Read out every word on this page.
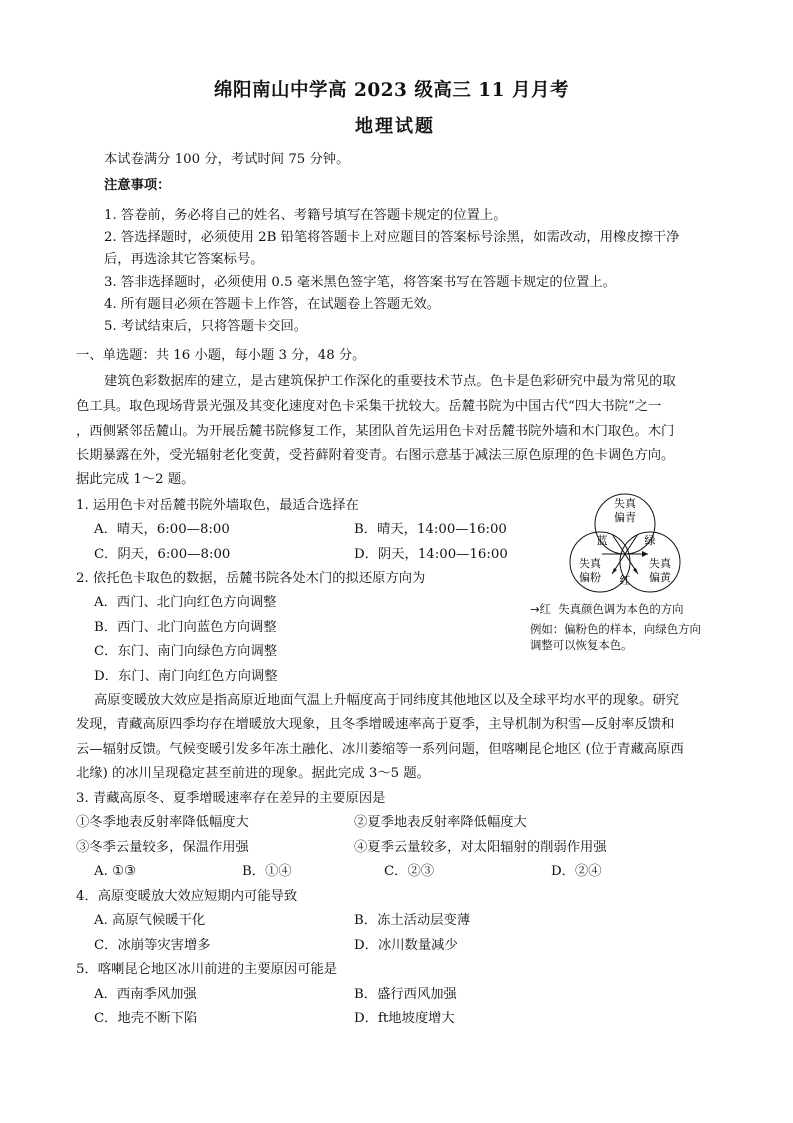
绵阳南山中学高 2023 级高三 11 月月考
地理试题
本试卷满分 100 分，考试时间 75 分钟。
注意事项：
1. 答卷前，务必将自己的姓名、考籍号填写在答题卡规定的位置上。
2. 答选择题时，必须使用 2B 铅笔将答题卡上对应题目的答案标号涂黑，如需改动，用橡皮擦干净
后，再选涂其它答案标号。
3. 答非选择题时，必须使用 0.5 毫米黑色签字笔，将答案书写在答题卡规定的位置上。
4. 所有题目必须在答题卡上作答，在试题卷上答题无效。
5. 考试结束后，只将答题卡交回。
一、单选题：共 16 小题，每小题 3 分，48 分。
建筑色彩数据库的建立，是古建筑保护工作深化的重要技术节点。色卡是色彩研究中最为常见的取
色工具。取色现场背景光强及其变化速度对色卡采集干扰较大。岳麓书院为中国古代“四大书院”之一
，西侧紧邻岳麓山。为开展岳麓书院修复工作，某团队首先运用色卡对岳麓书院外墙和木门取色。木门
长期暴露在外，受光辐射老化变黄，受苔藓附着变青。右图示意基于减法三原色原理的色卡调色方向。
据此完成 1～2 题。
1. 运用色卡对岳麓书院外墙取色，最适合选择在
A．晴天，6:00—8:00	B．晴天，14:00—16:00
C．阴天，6:00—8:00	D．阴天，14:00—16:00
2. 依托色卡取色的数据，岳麓书院各处木门的拟还原方向为
A．西门、北门向红色方向调整
B．西门、北门向蓝色方向调整
C．东门、南门向绿色方向调整
D．东门、南门向红色方向调整
失真
偏青
失真
偏粉
失真
偏黄
蓝	绿
红
→红 失真颜色调为本色的方向
例如：偏粉色的样本，向绿色方向
调整可以恢复本色。
高原变暖放大效应是指高原近地面气温上升幅度高于同纬度其他地区以及全球平均水平的现象。研究
发现，青藏高原四季均存在增暖放大现象，且冬季增暖速率高于夏季，主导机制为积雪—反射率反馈和
云—辐射反馈。气候变暖引发多年冻土融化、冰川萎缩等一系列问题，但喀喇昆仑地区 (位于青藏高原西
北缘) 的冰川呈现稳定甚至前进的现象。据此完成 3～5 题。
3. 青藏高原冬、夏季增暖速率存在差异的主要原因是
①冬季地表反射率降低幅度大	②夏季地表反射率降低幅度大
③冬季云量较多，保温作用强	④夏季云量较多，对太阳辐射的削弱作用强
A. ①③	B．①④	C．②③	D．②④
4．高原变暖放大效应短期内可能导致
A. 高原气候暖干化	B．冻土活动层变薄
C．冰崩等灾害增多	D．冰川数量减少
5．喀喇昆仑地区冰川前进的主要原因可能是
A．西南季风加强	B．盛行西风加强
C．地壳不断下陷	D．ft地坡度增大
